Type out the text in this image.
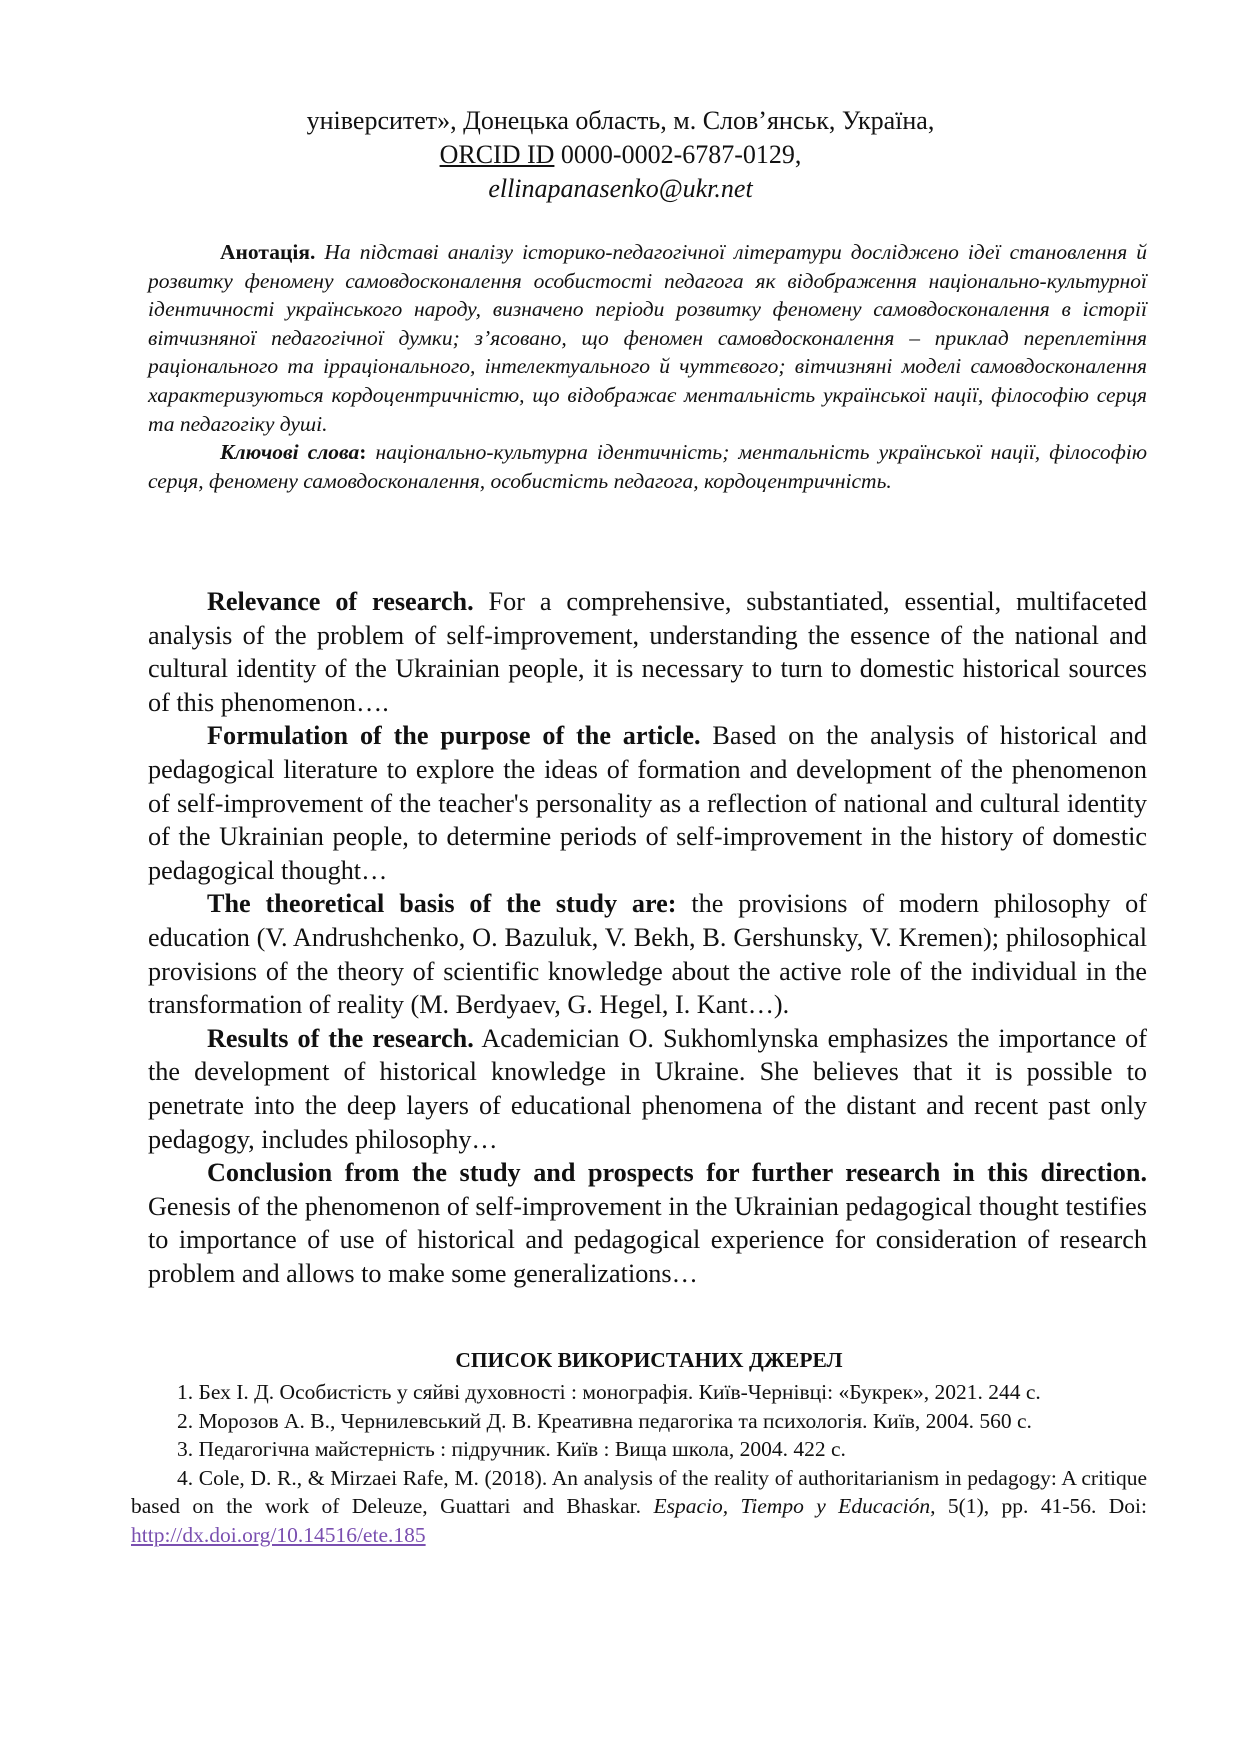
університет», Донецька область, м. Слов’янськ, Україна,
ORCID ID 0000-0002-6787-0129,
ellinapanasenko@ukr.net

Анотація. На підставі аналізу історико-педагогічної літератури досліджено ідеї становлення й розвитку феномену самовдосконалення особистості педагога як відображення національно-культурної ідентичності українського народу, визначено періоди розвитку феномену самовдосконалення в історії вітчизняної педагогічної думки; з’ясовано, що феномен самовдосконалення – приклад переплетіння раціонального та ірраціонального, інтелектуального й чуттєвого; вітчизняні моделі самовдосконалення характеризуються кордоцентричністю, що відображає ментальність української нації, філософію серця та педагогіку душі.

Ключові слова: національно-культурна ідентичність; ментальність української нації, філософію серця, феномену самовдосконалення, особистість педагога, кордоцентричність.

Relevance of research. For a comprehensive, substantiated, essential, multifaceted analysis of the problem of self-improvement, understanding the essence of the national and cultural identity of the Ukrainian people, it is necessary to turn to domestic historical sources of this phenomenon….

Formulation of the purpose of the article. Based on the analysis of historical and pedagogical literature to explore the ideas of formation and development of the phenomenon of self-improvement of the teacher's personality as a reflection of national and cultural identity of the Ukrainian people, to determine periods of self-improvement in the history of domestic pedagogical thought…

The theoretical basis of the study are: the provisions of modern philosophy of education (V. Andrushchenko, O. Bazuluk, V. Bekh, B. Gershunsky, V. Kremen); philosophical provisions of the theory of scientific knowledge about the active role of the individual in the transformation of reality (M. Berdyaev, G. Hegel, I. Kant…).

Results of the research. Academician O. Sukhomlynska emphasizes the importance of the development of historical knowledge in Ukraine. She believes that it is possible to penetrate into the deep layers of educational phenomena of the distant and recent past only pedagogy, includes philosophy…

Conclusion from the study and prospects for further research in this direction. Genesis of the phenomenon of self-improvement in the Ukrainian pedagogical thought testifies to importance of use of historical and pedagogical experience for consideration of research problem and allows to make some generalizations…

СПИСОК ВИКОРИСТАНИХ ДЖЕРЕЛ

1. Бех І. Д. Особистість у сяйві духовності : монографія. Київ-Чернівці: «Букрек», 2021. 244 с.

2. Морозов А. В., Чернилевський Д. В. Креативна педагогіка та психологія. Київ, 2004. 560 с.

3. Педагогічна майстерність : підручник. Київ : Вища школа, 2004. 422 с.

4. Cole, D. R., & Mirzaei Rafe, M. (2018). An analysis of the reality of authoritarianism in pedagogy: A critique based on the work of Deleuze, Guattari and Bhaskar. Espacio, Tiempo y Educación, 5(1), pp. 41-56. Doi: http://dx.doi.org/10.14516/ete.185
